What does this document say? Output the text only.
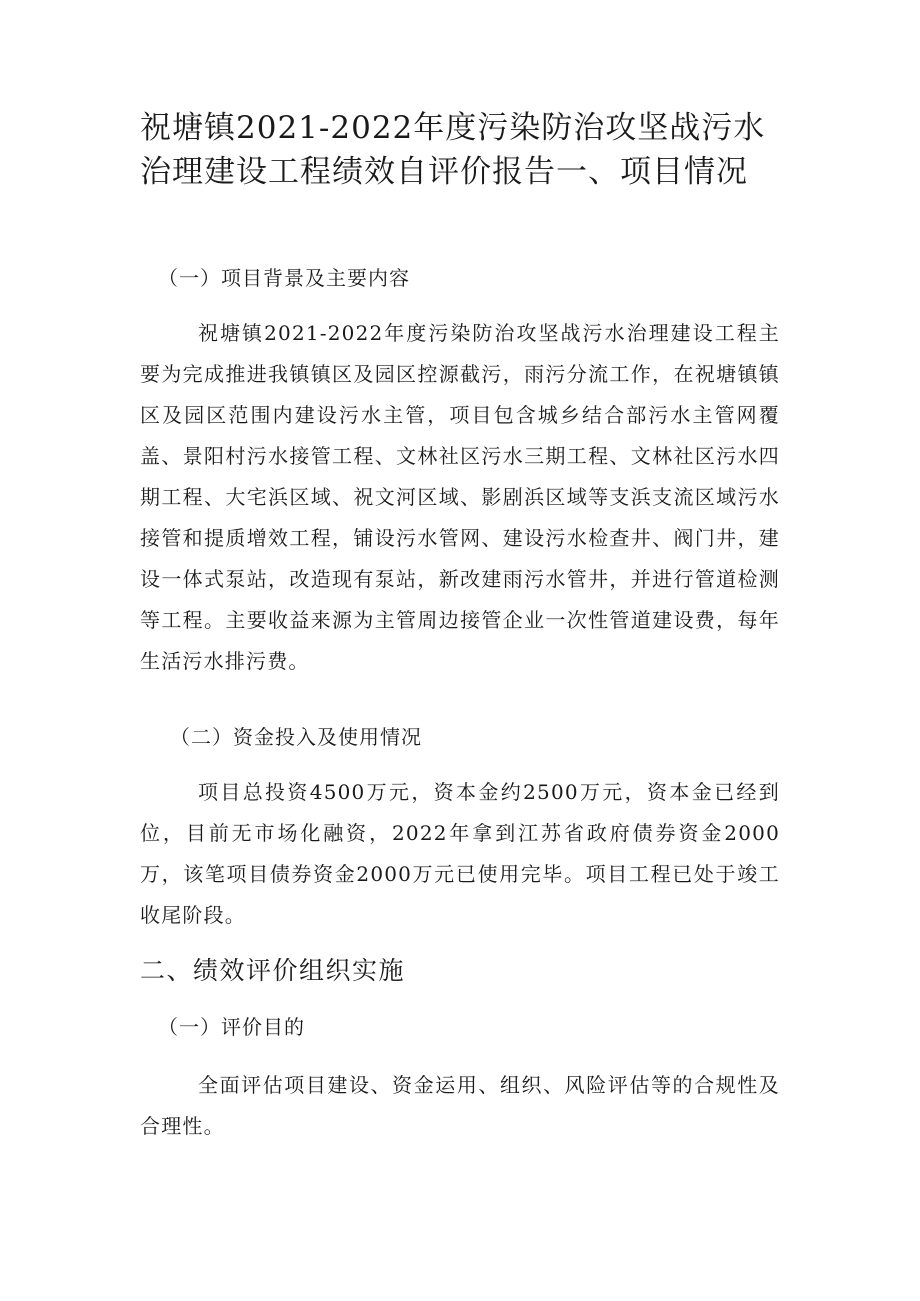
祝塘镇2021-2022年度污染防治攻坚战污水治理建设工程绩效自评价报告一、项目情况

（一）项目背景及主要内容

祝塘镇2021-2022年度污染防治攻坚战污水治理建设工程主要为完成推进我镇镇区及园区控源截污，雨污分流工作，在祝塘镇镇区及园区范围内建设污水主管，项目包含城乡结合部污水主管网覆盖、景阳村污水接管工程、文林社区污水三期工程、文林社区污水四期工程、大宅浜区域、祝文河区域、影剧浜区域等支浜支流区域污水接管和提质增效工程，铺设污水管网、建设污水检查井、阀门井，建设一体式泵站，改造现有泵站，新改建雨污水管井，并进行管道检测等工程。主要收益来源为主管周边接管企业一次性管道建设费，每年生活污水排污费。

（二）资金投入及使用情况

项目总投资4500万元，资本金约2500万元，资本金已经到位，目前无市场化融资，2022年拿到江苏省政府债券资金2000万，该笔项目债券资金2000万元已使用完毕。项目工程已处于竣工收尾阶段。

二、绩效评价组织实施

（一）评价目的

全面评估项目建设、资金运用、组织、风险评估等的合规性及合理性。
